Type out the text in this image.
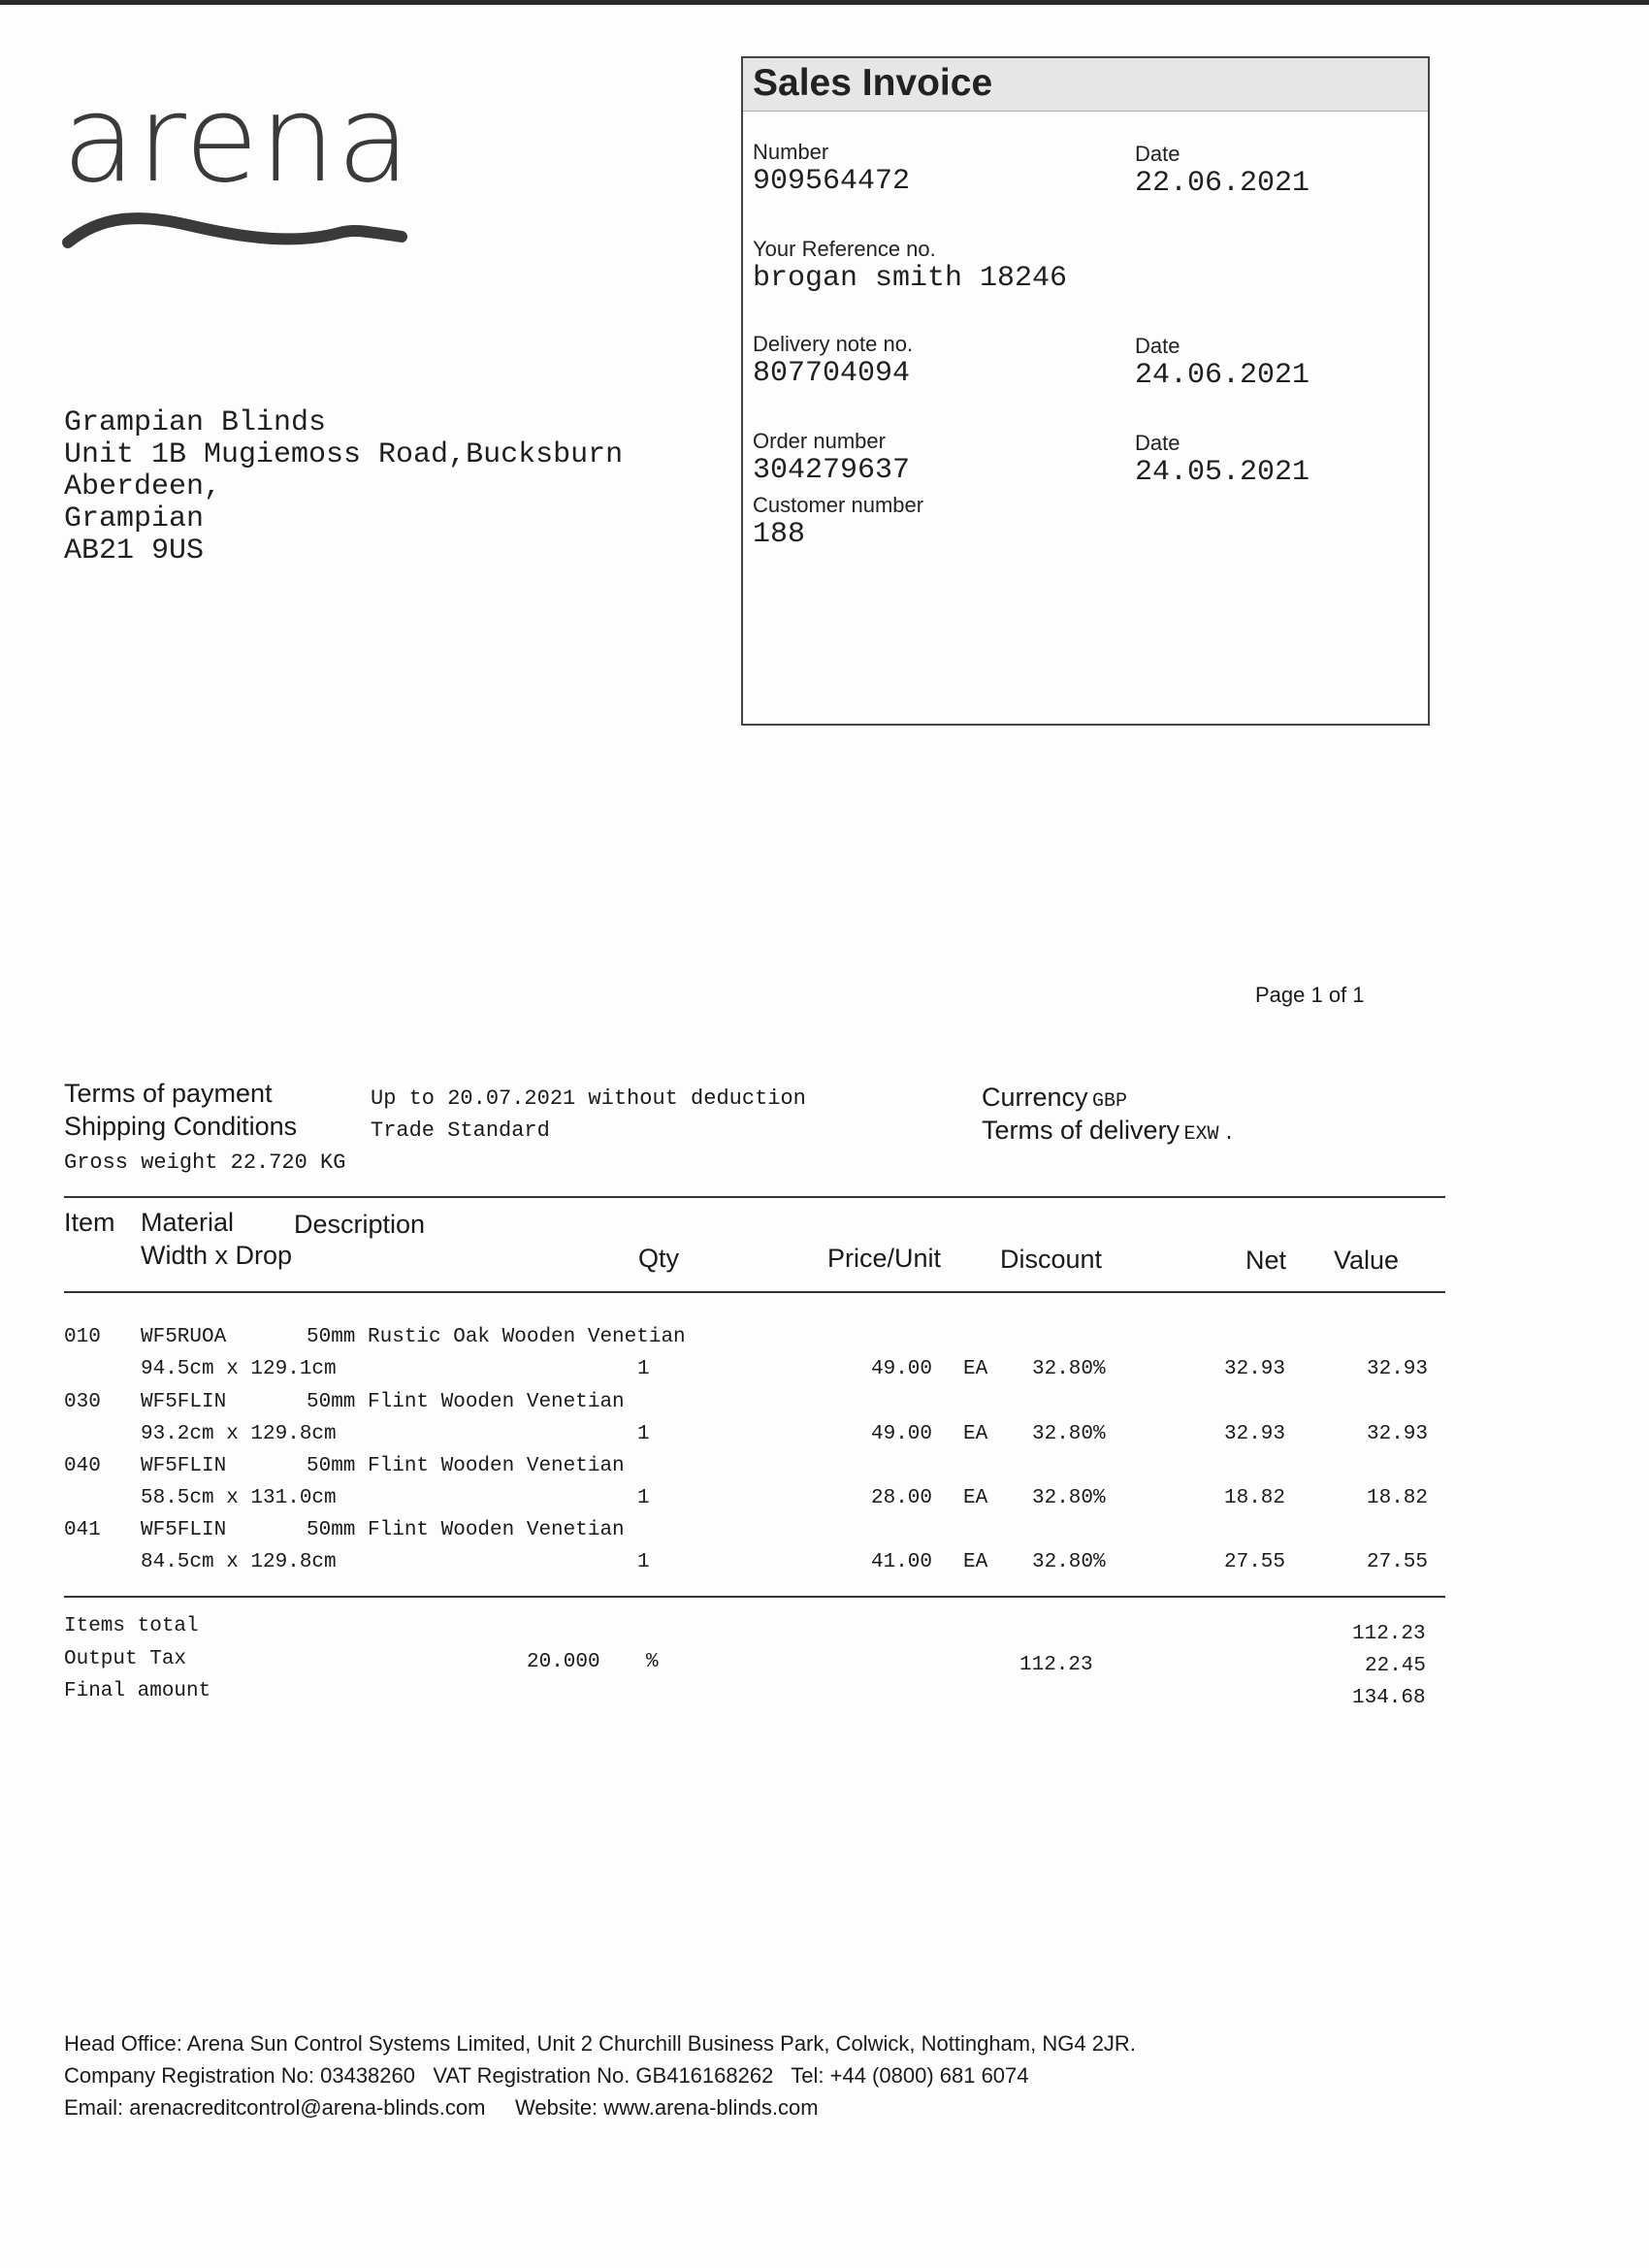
arena
Grampian Blinds
Unit 1B Mugiemoss Road,Bucksburn
Aberdeen,
Grampian
AB21 9US
Sales Invoice
Number
909564472
Date
22.06.2021
Your Reference no.
brogan smith 18246
Delivery note no.
807704094
Date
24.06.2021
Order number
304279637
Date
24.05.2021
Customer number
188
Page 1 of 1
Terms of payment	Up to 20.07.2021 without deduction
Shipping Conditions	Trade Standard
Gross weight 22.720 KG
Currency GBP
Terms of delivery EXW .
Item Material Description
Width x Drop	Qty	Price/Unit Discount	Net Value
010 WF5RUOA	50mm Rustic Oak Wooden Venetian
94.5cm x 129.1cm	1	49.00 EA 32.80%	32.93	32.93
030 WF5FLIN	50mm Flint Wooden Venetian
93.2cm x 129.8cm	1	49.00 EA 32.80%	32.93	32.93
040 WF5FLIN	50mm Flint Wooden Venetian
58.5cm x 131.0cm	1	28.00 EA 32.80%	18.82	18.82
041 WF5FLIN	50mm Flint Wooden Venetian
84.5cm x 129.8cm	1	41.00 EA 32.80%	27.55	27.55
Items total	112.23
Output Tax	20.000 %	112.23	22.45
Final amount	134.68
Head Office: Arena Sun Control Systems Limited, Unit 2 Churchill Business Park, Colwick, Nottingham, NG4 2JR.
Company Registration No: 03438260   VAT Registration No. GB416168262   Tel: +44 (0800) 681 6074
Email: arenacreditcontrol@arena-blinds.com     Website: www.arena-blinds.com
